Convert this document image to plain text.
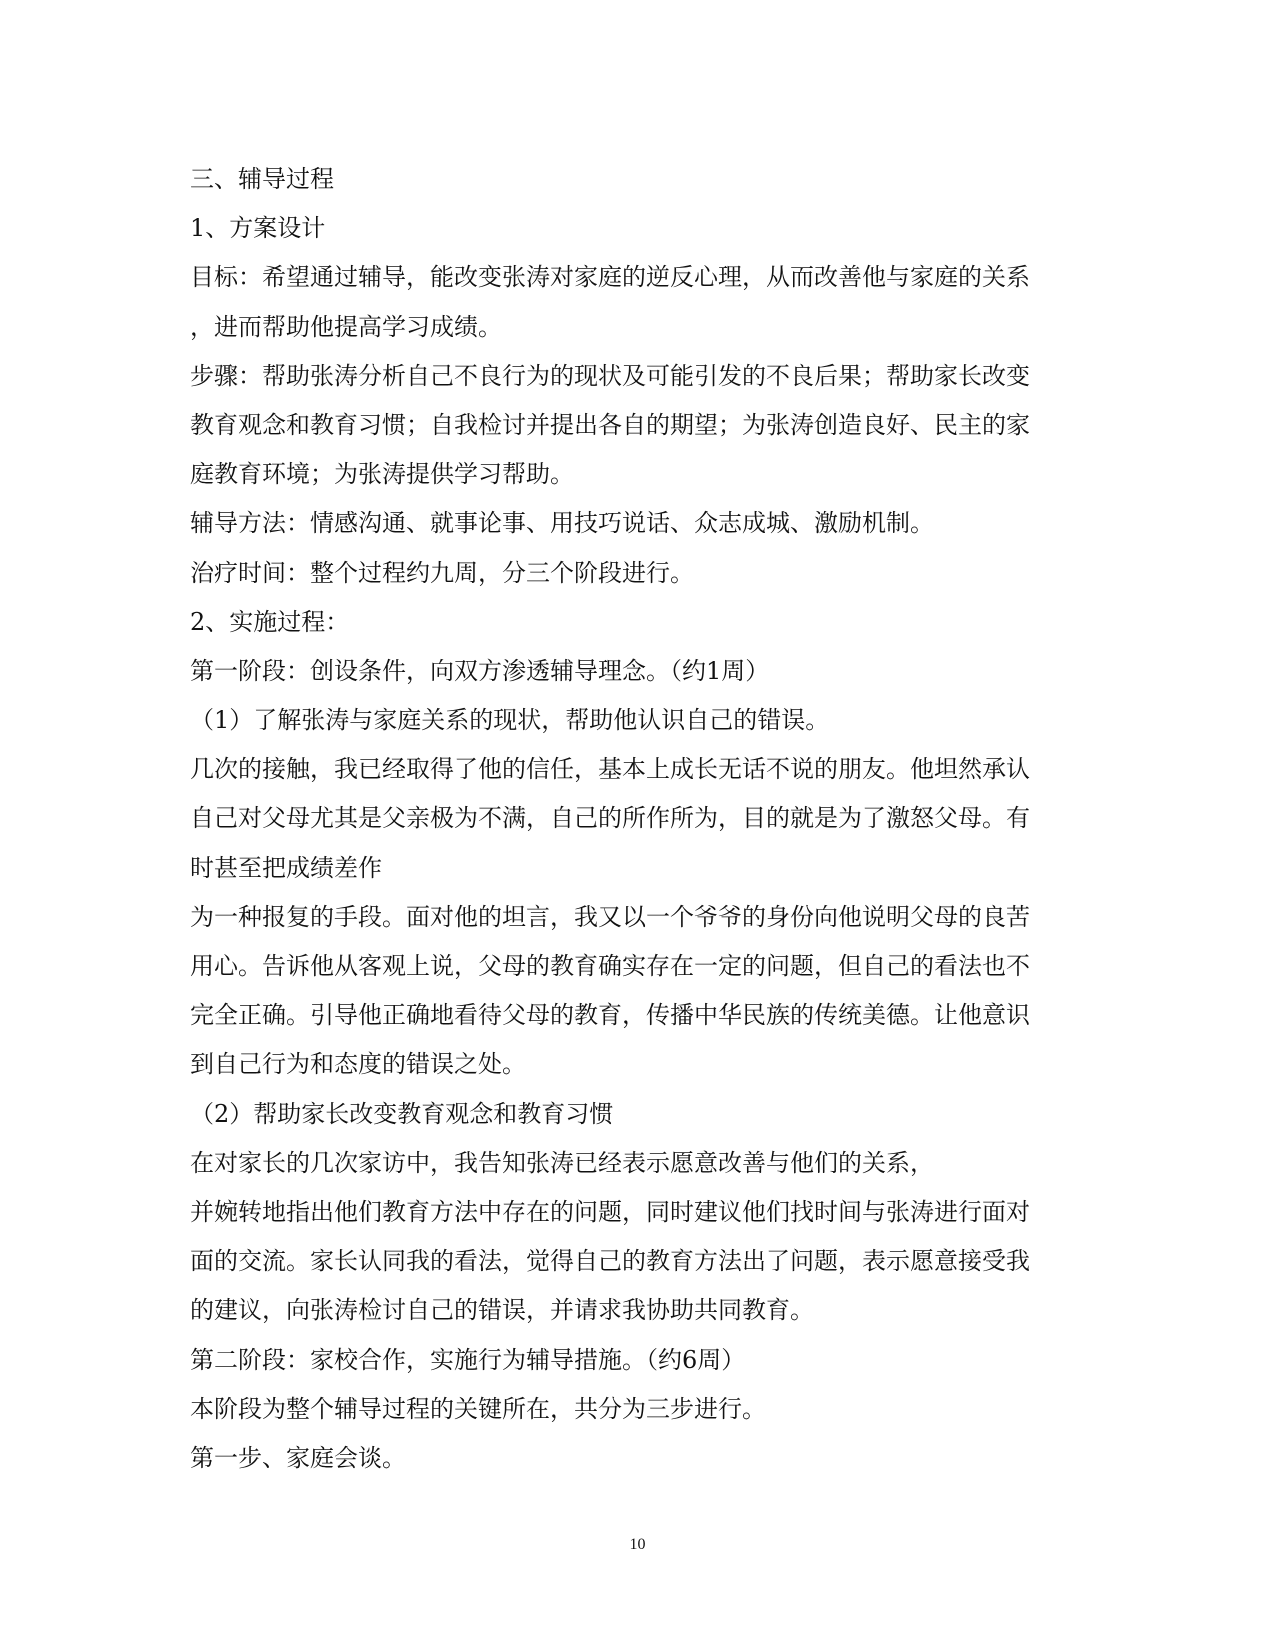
三、辅导过程
1、方案设计
目标：希望通过辅导，能改变张涛对家庭的逆反心理，从而改善他与家庭的关系
，进而帮助他提高学习成绩。
步骤：帮助张涛分析自己不良行为的现状及可能引发的不良后果；帮助家长改变
教育观念和教育习惯；自我检讨并提出各自的期望；为张涛创造良好、民主的家
庭教育环境；为张涛提供学习帮助。
辅导方法：情感沟通、就事论事、用技巧说话、众志成城、激励机制。
治疗时间：整个过程约九周，分三个阶段进行。
2、实施过程：
第一阶段：创设条件，向双方渗透辅导理念。（约1周）
（1）了解张涛与家庭关系的现状，帮助他认识自己的错误。
几次的接触，我已经取得了他的信任，基本上成长无话不说的朋友。他坦然承认
自己对父母尤其是父亲极为不满，自己的所作所为，目的就是为了激怒父母。有
时甚至把成绩差作
为一种报复的手段。面对他的坦言，我又以一个爷爷的身份向他说明父母的良苦
用心。告诉他从客观上说，父母的教育确实存在一定的问题，但自己的看法也不
完全正确。引导他正确地看待父母的教育，传播中华民族的传统美德。让他意识
到自己行为和态度的错误之处。
（2）帮助家长改变教育观念和教育习惯
在对家长的几次家访中，我告知张涛已经表示愿意改善与他们的关系，
并婉转地指出他们教育方法中存在的问题，同时建议他们找时间与张涛进行面对
面的交流。家长认同我的看法，觉得自己的教育方法出了问题，表示愿意接受我
的建议，向张涛检讨自己的错误，并请求我协助共同教育。
第二阶段：家校合作，实施行为辅导措施。（约6周）
本阶段为整个辅导过程的关键所在，共分为三步进行。
第一步、家庭会谈。
10
